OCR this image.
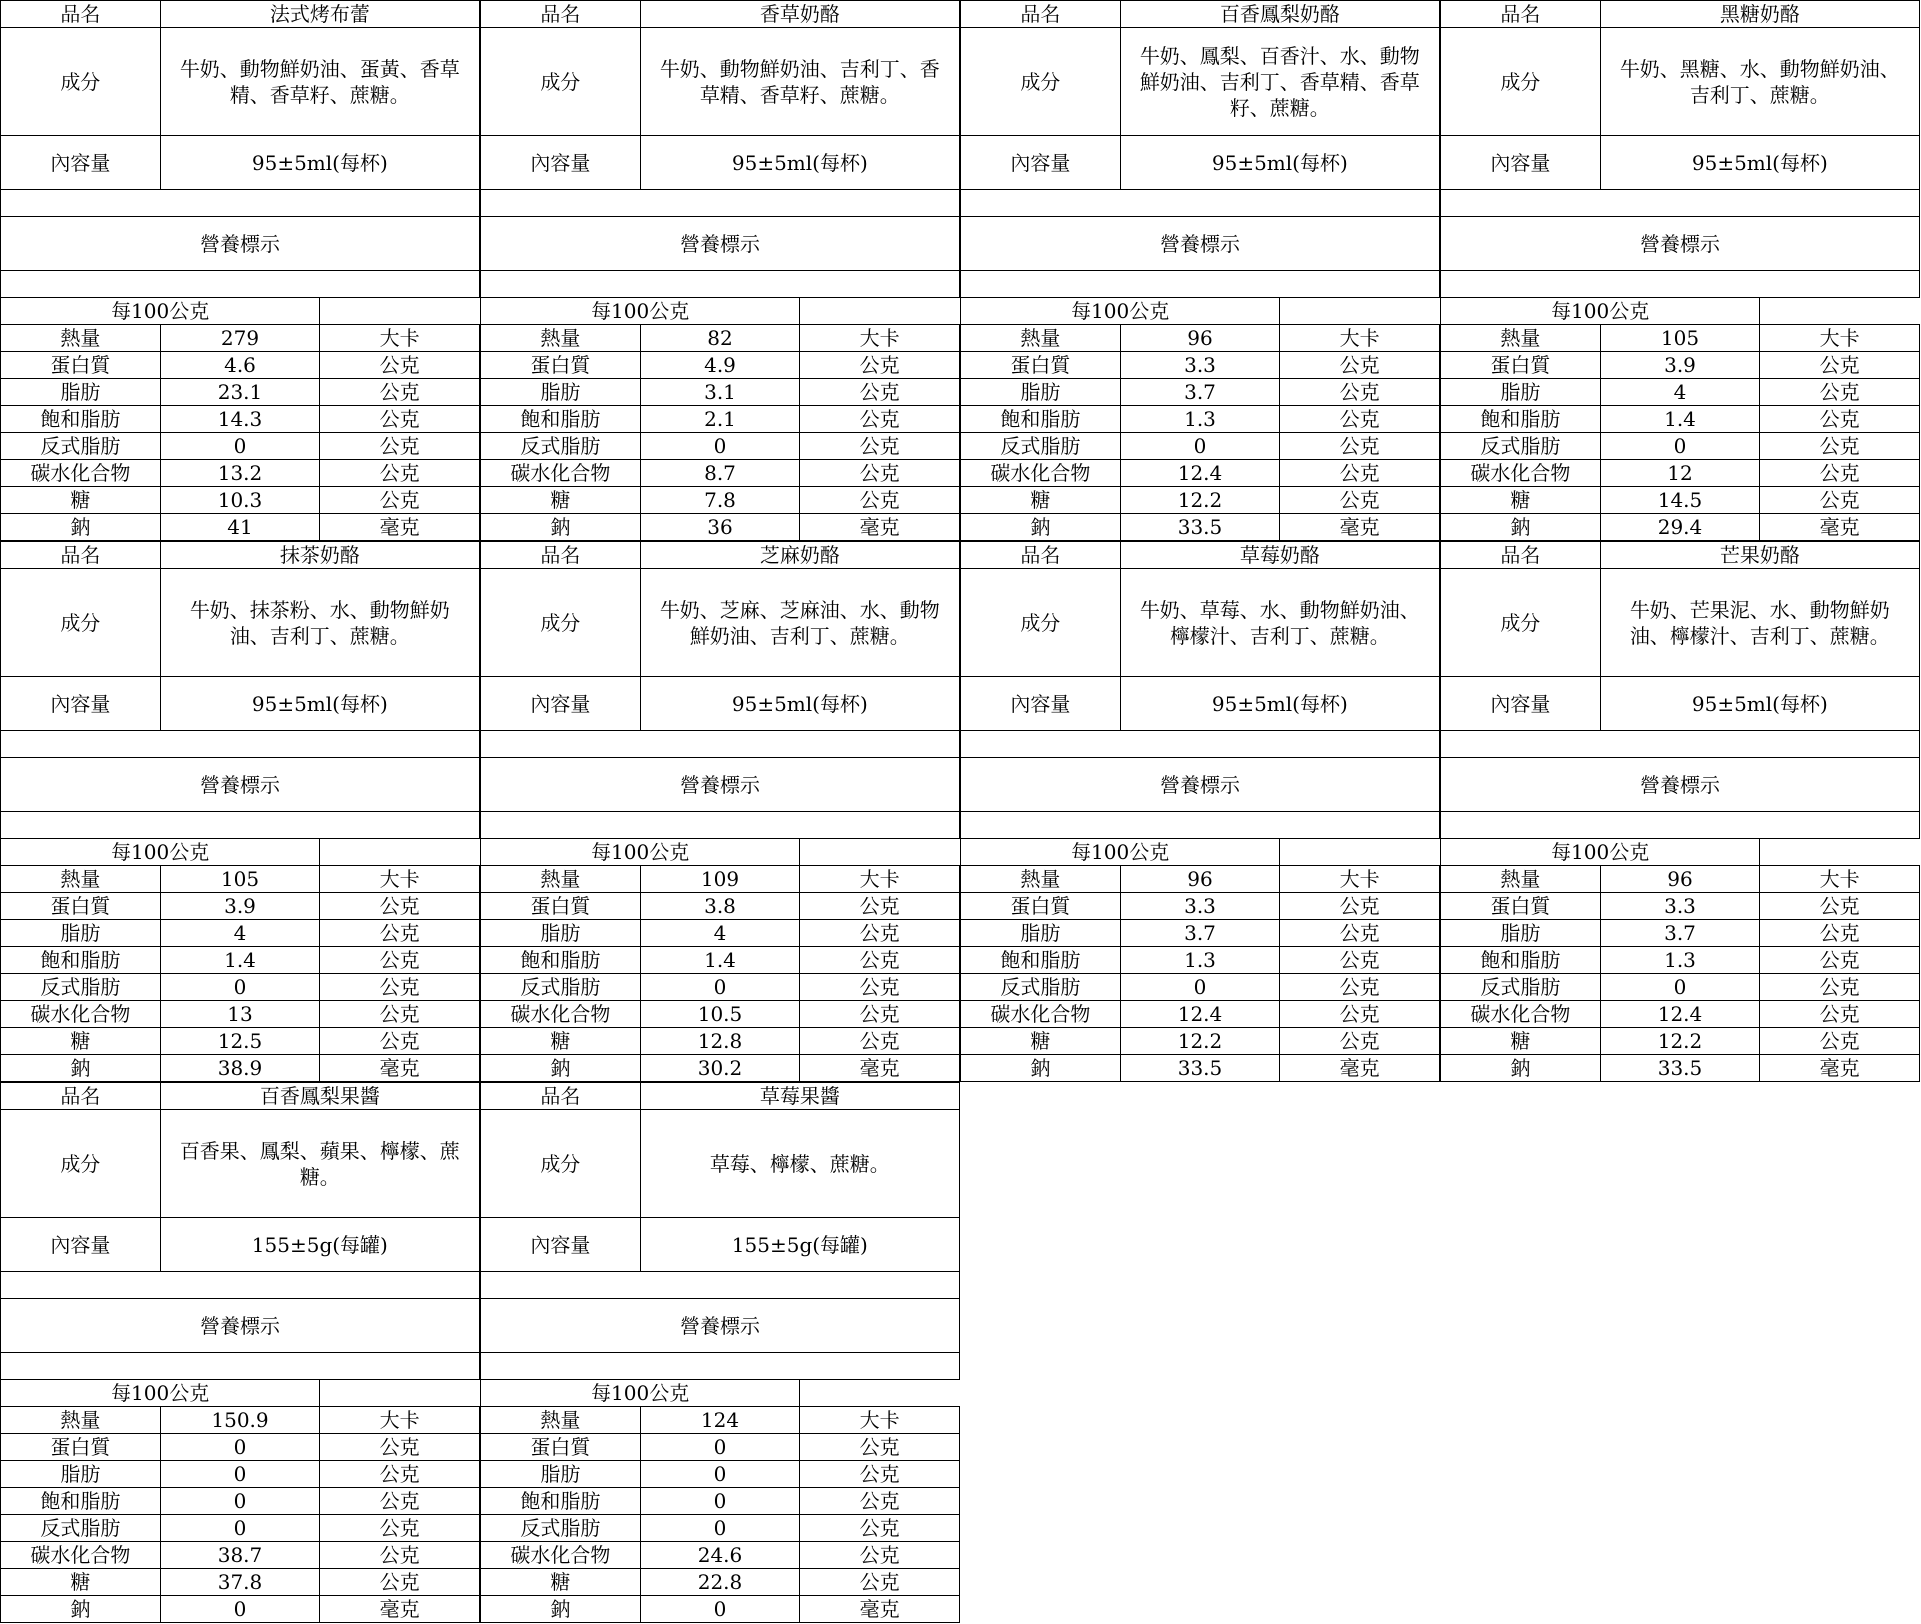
品名	法式烤布蕾
成分
牛奶、動物鮮奶油、蛋黃、香草精、香草籽、蔗糖。
內容量	95±5ml(每杯)
營養標示
每100公克
熱量	279	大卡
蛋白質	4.6	公克
脂肪	23.1	公克
飽和脂肪	14.3	公克
反式脂肪	0	公克
碳水化合物	13.2	公克
糖	10.3	公克
鈉	41	毫克
品名	香草奶酪
成分
牛奶、動物鮮奶油、吉利丁、香草精、香草籽、蔗糖。
內容量	95±5ml(每杯)
營養標示
每100公克
熱量	82	大卡
蛋白質	4.9	公克
脂肪	3.1	公克
飽和脂肪	2.1	公克
反式脂肪	0	公克
碳水化合物	8.7	公克
糖	7.8	公克
鈉	36	毫克
品名	百香鳳梨奶酪
成分
牛奶、鳳梨、百香汁、水、動物鮮奶油、吉利丁、香草精、香草籽、蔗糖。
內容量	95±5ml(每杯)
營養標示
每100公克
熱量	96	大卡
蛋白質	3.3	公克
脂肪	3.7	公克
飽和脂肪	1.3	公克
反式脂肪	0	公克
碳水化合物	12.4	公克
糖	12.2	公克
鈉	33.5	毫克
品名	黑糖奶酪
成分
牛奶、黑糖、水、動物鮮奶油、吉利丁、蔗糖。
內容量	95±5ml(每杯)
營養標示
每100公克
熱量	105	大卡
蛋白質	3.9	公克
脂肪	4	公克
飽和脂肪	1.4	公克
反式脂肪	0	公克
碳水化合物	12	公克
糖	14.5	公克
鈉	29.4	毫克
品名	抹茶奶酪
成分
牛奶、抹茶粉、水、動物鮮奶油、吉利丁、蔗糖。
內容量	95±5ml(每杯)
營養標示
每100公克
熱量	105	大卡
蛋白質	3.9	公克
脂肪	4	公克
飽和脂肪	1.4	公克
反式脂肪	0	公克
碳水化合物	13	公克
糖	12.5	公克
鈉	38.9	毫克
品名	芝麻奶酪
成分
牛奶、芝麻、芝麻油、水、動物鮮奶油、吉利丁、蔗糖。
內容量	95±5ml(每杯)
營養標示
每100公克
熱量	109	大卡
蛋白質	3.8	公克
脂肪	4	公克
飽和脂肪	1.4	公克
反式脂肪	0	公克
碳水化合物	10.5	公克
糖	12.8	公克
鈉	30.2	毫克
品名	草莓奶酪
成分
牛奶、草莓、水、動物鮮奶油、檸檬汁、吉利丁、蔗糖。
內容量	95±5ml(每杯)
營養標示
每100公克
熱量	96	大卡
蛋白質	3.3	公克
脂肪	3.7	公克
飽和脂肪	1.3	公克
反式脂肪	0	公克
碳水化合物	12.4	公克
糖	12.2	公克
鈉	33.5	毫克
品名	芒果奶酪
成分
牛奶、芒果泥、水、動物鮮奶油、檸檬汁、吉利丁、蔗糖。
內容量	95±5ml(每杯)
營養標示
每100公克
熱量	96	大卡
蛋白質	3.3	公克
脂肪	3.7	公克
飽和脂肪	1.3	公克
反式脂肪	0	公克
碳水化合物	12.4	公克
糖	12.2	公克
鈉	33.5	毫克
品名	百香鳳梨果醬
成分
百香果、鳳梨、蘋果、檸檬、蔗糖。
內容量	155±5g(每罐)
營養標示
每100公克
熱量	150.9	大卡
蛋白質	0	公克
脂肪	0	公克
飽和脂肪	0	公克
反式脂肪	0	公克
碳水化合物	38.7	公克
糖	37.8	公克
鈉	0	毫克
品名	草莓果醬
成分	草莓、檸檬、蔗糖。
內容量	155±5g(每罐)
營養標示
每100公克
熱量	124	大卡
蛋白質	0	公克
脂肪	0	公克
飽和脂肪	0	公克
反式脂肪	0	公克
碳水化合物	24.6	公克
糖	22.8	公克
鈉	0	毫克
